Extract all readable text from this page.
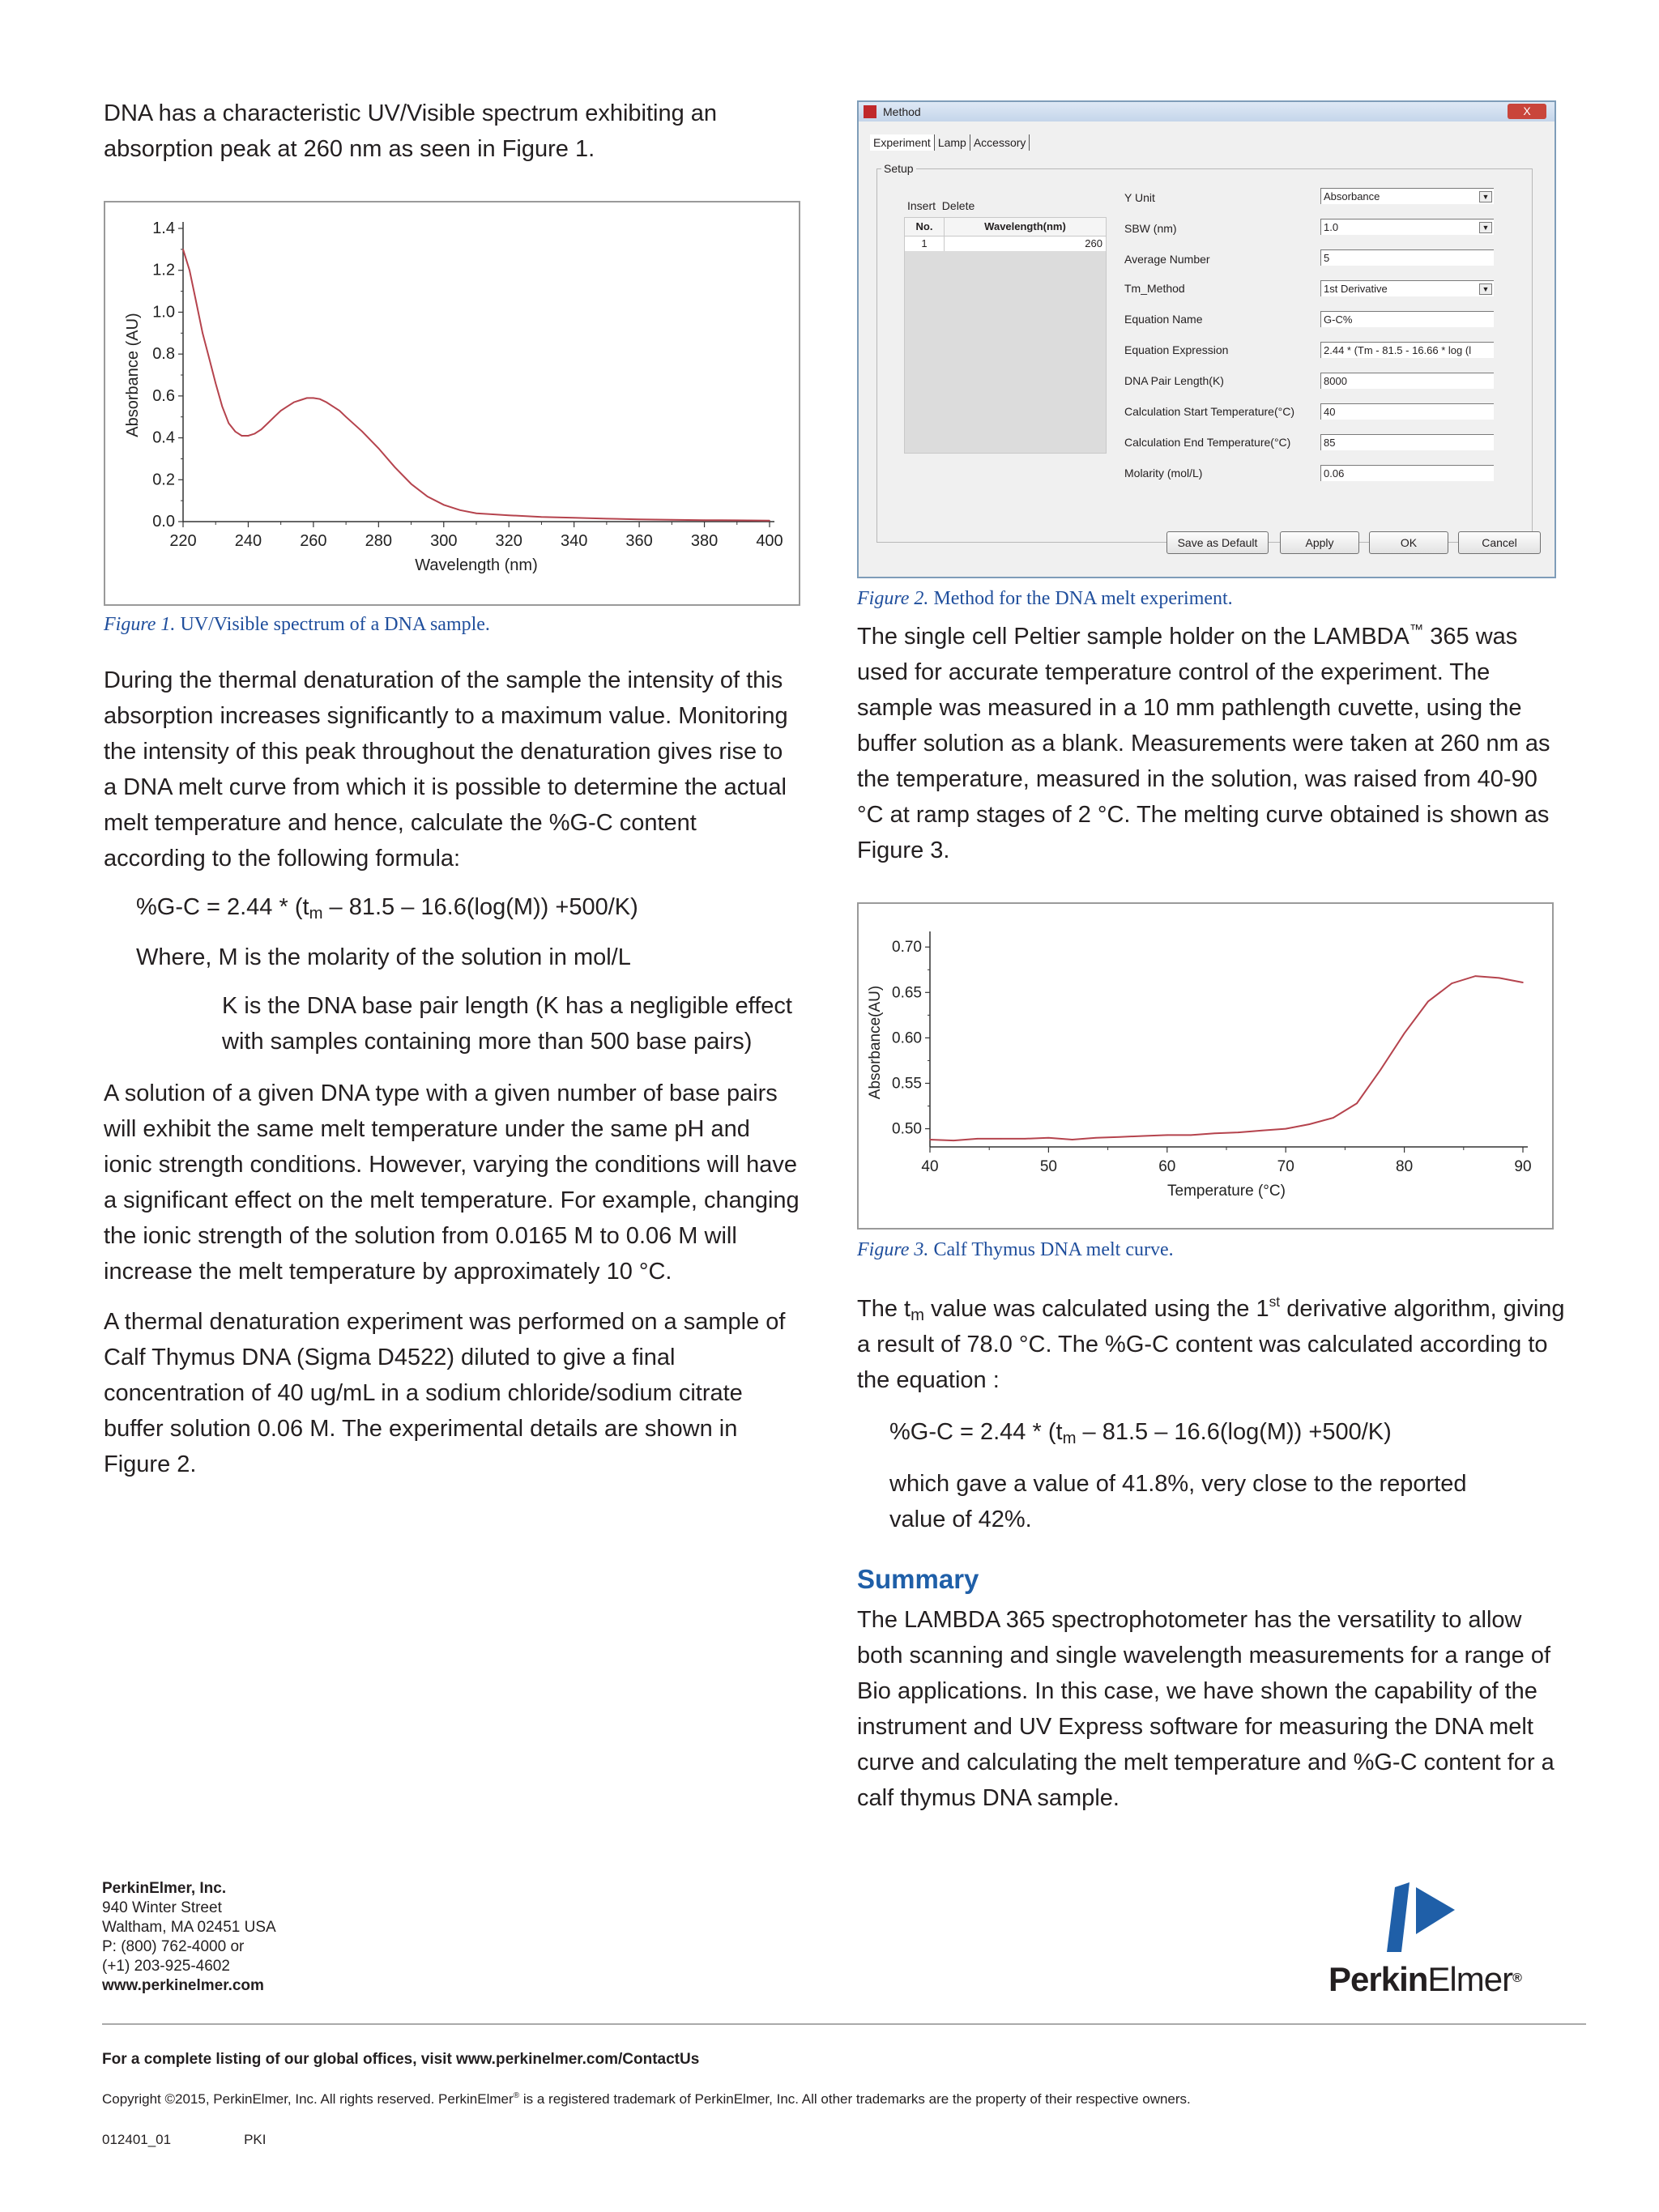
DNA has a characteristic UV/Visible spectrum exhibiting an absorption peak at 260 nm as seen in Figure 1.
220 240 260 280 300 320 340 360 380 400
0.0
0.2
0.4
0.6
0.8
1.0
1.2
1.4
Wavelength (nm)
Absorbance (AU)
Figure 1. UV/Visible spectrum of a DNA sample.
During the thermal denaturation of the sample the intensity of this absorption increases significantly to a maximum value. Monitoring the intensity of this peak throughout the denaturation gives rise to a DNA melt curve from which it is possible to determine the actual melt temperature and hence, calculate the %G-C content according to the following formula:
$\%G-C = 2.44 * (t_m - 81.5 - 16.6(\log(M)) +500/K)$
Where, M is the molarity of the solution in mol/L
K is the DNA base pair length (K has a negligible effect with samples containing more than 500 base pairs)
A solution of a given DNA type with a given number of base pairs will exhibit the same melt temperature under the same pH and ionic strength conditions. However, varying the conditions will have a significant effect on the melt temperature. For example, changing the ionic strength of the solution from 0.0165 M to 0.06 M will increase the melt temperature by approximately 10 °C.
A thermal denaturation experiment was performed on a sample of Calf Thymus DNA (Sigma D4522) diluted to give a final concentration of 40 ug/mL in a sodium chloride/sodium citrate buffer solution 0.06 M. The experimental details are shown in Figure 2.
Method	X
Experiment Lamp Accessory
Setup
Insert Delete
No.	Wavelength(nm)
1	260
Y Unit	Absorbance	▼
SBW (nm)	1.0	▼
Average Number	5
Tm_Method	1st Derivative	▼
Equation Name	G-C%
Equation Expression	2.44 * (Tm - 81.5 - 16.66 * log (l
DNA Pair Length(K)	8000
Calculation Start Temperature(°C)	40
Calculation End Temperature(°C)	85
Molarity (mol/L)	0.06
Save as Default	Apply	OK	Cancel
Figure 2. Method for the DNA melt experiment.
The single cell Peltier sample holder on the LAMBDA™ 365 was used for accurate temperature control of the experiment. The sample was measured in a 10 mm pathlength cuvette, using the buffer solution as a blank. Measurements were taken at 260 nm as the temperature, measured in the solution, was raised from 40-90 °C at ramp stages of 2 °C. The melting curve obtained is shown as Figure 3.
40	50	60	70	80	90
0.50
0.55
0.60
0.65
0.70
Temperature (°C)
Absorbance(AU)
Figure 3. Calf Thymus DNA melt curve.
The $t_m$ value was calculated using the 1st derivative algorithm, giving a result of 78.0 °C. The %G-C content was calculated according to the equation :
$\%G-C = 2.44 * (t_m - 81.5 - 16.6(\log(M)) +500/K)$
which gave a value of 41.8%, very close to the reported value of 42%.
Summary
The LAMBDA 365 spectrophotometer has the versatility to allow both scanning and single wavelength measurements for a range of Bio applications. In this case, we have shown the capability of the instrument and UV Express software for measuring the DNA melt curve and calculating the melt temperature and %G-C content for a calf thymus DNA sample.
PerkinElmer, Inc.
940 Winter Street
Waltham, MA 02451 USA
P: (800) 762-4000 or
(+1) 203-925-4602
www.perkinelmer.com	PerkinElmer®
For a complete listing of our global offices, visit www.perkinelmer.com/ContactUs
Copyright ©2015, PerkinElmer, Inc. All rights reserved. PerkinElmer® is a registered trademark of PerkinElmer, Inc. All other trademarks are the property of their respective owners.
012401_01	PKI
